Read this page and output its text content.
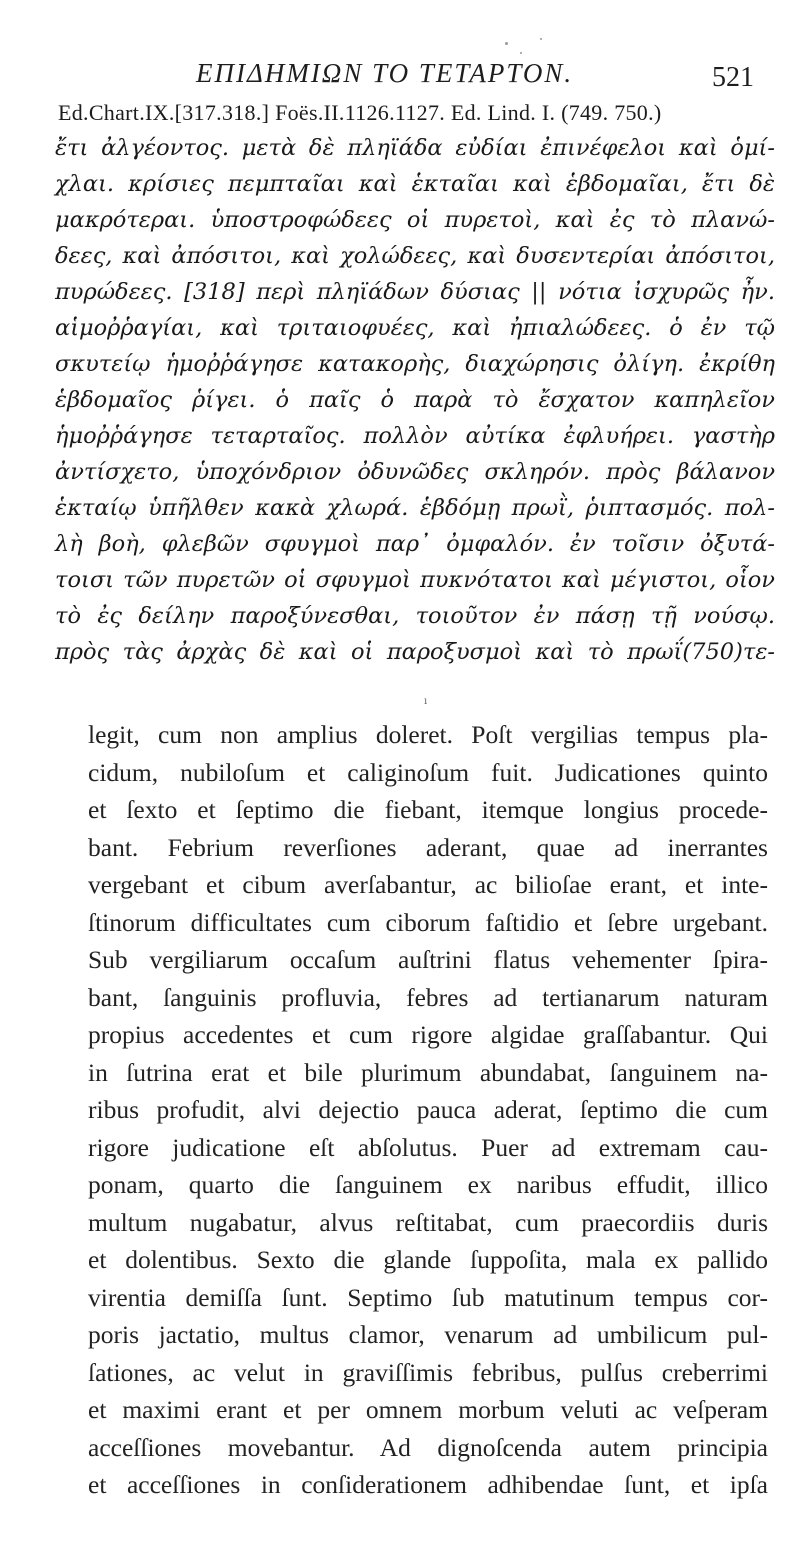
ΕΠΙΔΗΜΙΩΝ ΤΟ ΤΕΤΑΡΤΟΝ.	521
Ed.Chart.IX.[317.318.] Foës.II.1126.1127. Ed. Lind. I. (749. 750.)
ἔτι ἀλγέοντος. μετὰ δὲ πληϊάδα εὐδίαι ἐπινέφελοι καὶ ὁμί-
χλαι. κρίσιες πεμπταῖαι καὶ ἑκταῖαι καὶ ἑβδομαῖαι, ἔτι δὲ
μακρότεραι. ὑποστροφώδεες οἱ πυρετοὶ, καὶ ἐς τὸ πλανώ-
δεες, καὶ ἀπόσιτοι, καὶ χολώδεες, καὶ δυσεντερίαι ἀπόσιτοι,
πυρώδεες. [318] περὶ πληϊάδων δύσιας || νότια ἰσχυρῶς ἦν.
αἱμοῤῥαγίαι, καὶ τριταιοφυέες, καὶ ἠπιαλώδεες. ὁ ἐν τῷ
σκυτείῳ ἡμοῤῥάγησε κατακορὴς, διαχώρησις ὀλίγη. ἐκρίθη
ἑβδομαῖος ῥίγει. ὁ παῖς ὁ παρὰ τὸ ἔσχατον καπηλεῖον
ἡμοῤῥάγησε τεταρταῖος. πολλὸν αὐτίκα ἐφλυήρει. γαστὴρ
ἀντίσχετο, ὑποχόνδριον ὀδυνῶδες σκληρόν. πρὸς βάλανον
ἑκταίῳ ὑπῆλθεν κακὰ χλωρά. ἑβδόμῃ πρωῒ, ῥιπτασμός. πολ-
λὴ βοὴ, φλεβῶν σφυγμοὶ παρ᾽ ὀμφαλόν. ἐν τοῖσιν ὀξυτά-
τοισι τῶν πυρετῶν οἱ σφυγμοὶ πυκνότατοι καὶ μέγιστοι, οἷον
τὸ ἐς δείλην παροξύνεσθαι, τοιοῦτον ἐν πάσῃ τῇ νούσῳ.
πρὸς τὰς ἀρχὰς δὲ καὶ οἱ παροξυσμοὶ καὶ τὸ πρωΐ(750)τε-
ı
legit, cum non amplius doleret. Poſt vergilias tempus pla-
cidum, nubiloſum et caliginoſum fuit. Judicationes quinto
et ſexto et ſeptimo die fiebant, itemque longius procede-
bant. Febrium reverſiones aderant, quae ad inerrantes
vergebant et cibum averſabantur, ac bilioſae erant, et inte-
ſtinorum difficultates cum ciborum faſtidio et ſebre urgebant.
Sub vergiliarum occaſum auſtrini flatus vehementer ſpira-
bant, ſanguinis profluvia, febres ad tertianarum naturam
propius accedentes et cum rigore algidae graſſabantur. Qui
in ſutrina erat et bile plurimum abundabat, ſanguinem na-
ribus profudit, alvi dejectio pauca aderat, ſeptimo die cum
rigore judicatione eſt abſolutus. Puer ad extremam cau-
ponam, quarto die ſanguinem ex naribus effudit, illico
multum nugabatur, alvus reſtitabat, cum praecordiis duris
et dolentibus. Sexto die glande ſuppoſita, mala ex pallido
virentia demiſſa ſunt. Septimo ſub matutinum tempus cor-
poris jactatio, multus clamor, venarum ad umbilicum pul-
ſationes, ac velut in graviſſimis febribus, pulſus creberrimi
et maximi erant et per omnem morbum veluti ac veſperam
acceſſiones movebantur. Ad dignoſcenda autem principia
et acceſſiones in conſiderationem adhibendae ſunt, et ipſa
